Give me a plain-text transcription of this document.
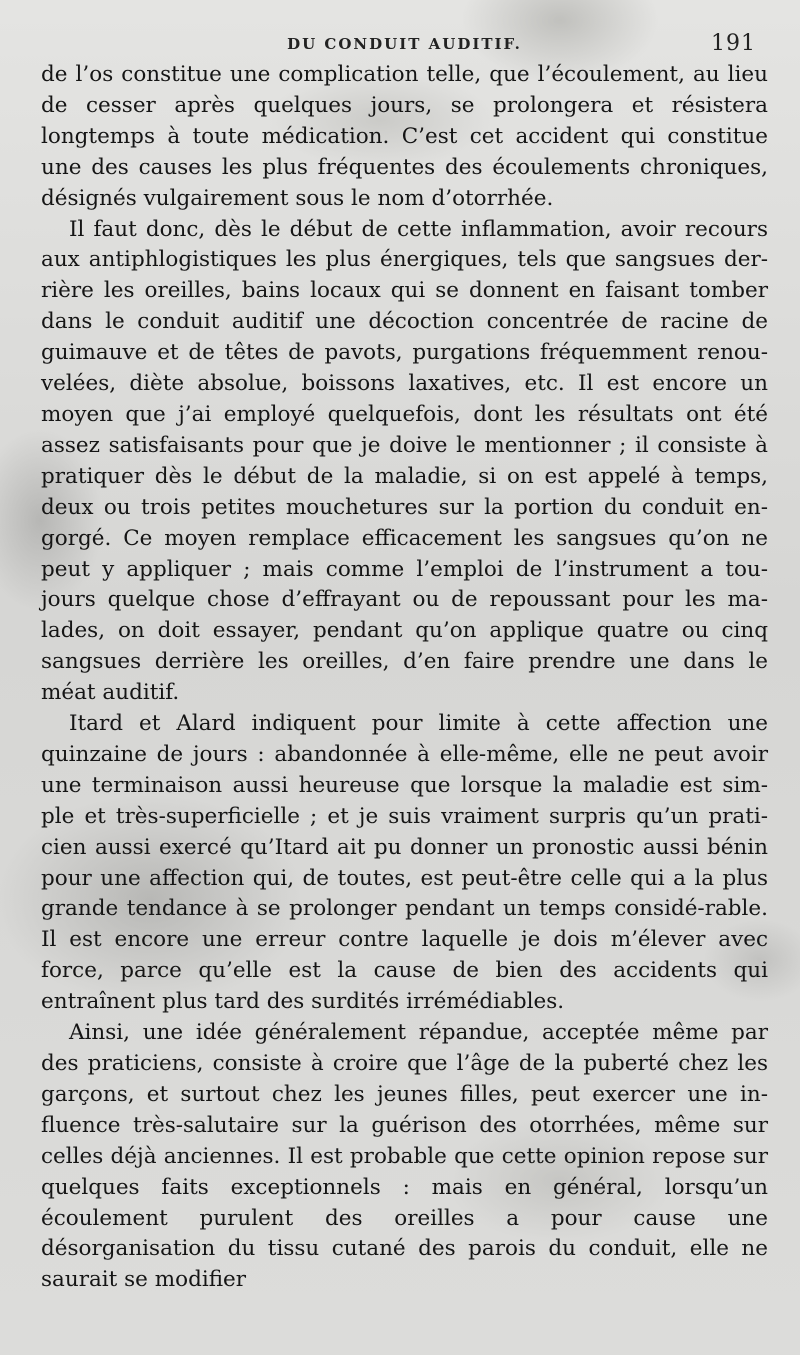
DU CONDUIT AUDITIF.	191

de l’os constitue une complication telle, que l’écoulement, au lieu de cesser après quelques jours, se prolongera et résistera longtemps à toute médication. C’est cet accident qui constitue une des causes les plus fréquentes des écoulements chroniques, désignés vulgairement sous le nom d’otorrhée.

Il faut donc, dès le début de cette inflammation, avoir recours aux antiphlogistiques les plus énergiques, tels que sangsues der-rière les oreilles, bains locaux qui se donnent en faisant tomber dans le conduit auditif une décoction concentrée de racine de guimauve et de têtes de pavots, purgations fréquemment renou-velées, diète absolue, boissons laxatives, etc. Il est encore un moyen que j’ai employé quelquefois, dont les résultats ont été assez satisfaisants pour que je doive le mentionner ; il consiste à pratiquer dès le début de la maladie, si on est appelé à temps, deux ou trois petites mouchetures sur la portion du conduit en-gorgé. Ce moyen remplace efficacement les sangsues qu’on ne peut y appliquer ; mais comme l’emploi de l’instrument a tou-jours quelque chose d’effrayant ou de repoussant pour les ma-lades, on doit essayer, pendant qu’on applique quatre ou cinq sangsues derrière les oreilles, d’en faire prendre une dans le méat auditif.

Itard et Alard indiquent pour limite à cette affection une quinzaine de jours : abandonnée à elle-même, elle ne peut avoir une terminaison aussi heureuse que lorsque la maladie est sim-ple et très-superficielle ; et je suis vraiment surpris qu’un prati-cien aussi exercé qu’Itard ait pu donner un pronostic aussi bénin pour une affection qui, de toutes, est peut-être celle qui a la plus grande tendance à se prolonger pendant un temps considé-rable. Il est encore une erreur contre laquelle je dois m’élever avec force, parce qu’elle est la cause de bien des accidents qui entraînent plus tard des surdités irrémédiables.

Ainsi, une idée généralement répandue, acceptée même par des praticiens, consiste à croire que l’âge de la puberté chez les garçons, et surtout chez les jeunes filles, peut exercer une in-fluence très-salutaire sur la guérison des otorrhées, même sur celles déjà anciennes. Il est probable que cette opinion repose sur quelques faits exceptionnels : mais en général, lorsqu’un écoulement purulent des oreilles a pour cause une désorganisation du tissu cutané des parois du conduit, elle ne saurait se modifier
